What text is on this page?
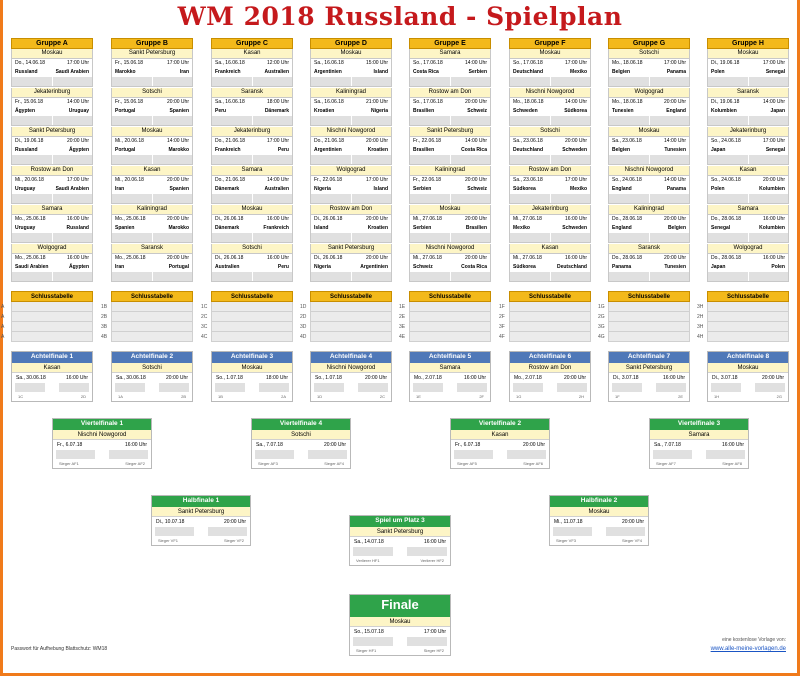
WM 2018 Russland - Spielplan
Gruppe A
Moskau
Do., 14.06.18	17:00 Uhr
Russland	Saudi Arabien
Jekaterinburg
Fr., 15.06.18	14:00 Uhr
Ägypten	Uruguay
Sankt Petersburg
Di., 19.06.18	20:00 Uhr
Russland	Ägypten
Rostow am Don
Mi., 20.06.18	17:00 Uhr
Uruguay	Saudi Arabien
Samara
Mo., 25.06.18	16:00 Uhr
Uruguay	Russland
Wolgograd
Mo., 25.06.18	16:00 Uhr
Saudi Arabien	Ägypten
Gruppe B
Sankt Petersburg
Fr., 15.06.18	17:00 Uhr
Marokko	Iran
Sotschi
Fr., 15.06.18	20:00 Uhr
Portugal	Spanien
Moskau
Mi., 20.06.18	14:00 Uhr
Portugal	Marokko
Kasan
Mi., 20.06.18	20:00 Uhr
Iran	Spanien
Kaliningrad
Mo., 25.06.18	20:00 Uhr
Spanien	Marokko
Saransk
Mo., 25.06.18	20:00 Uhr
Iran	Portugal
Gruppe C
Kasan
Sa., 16.06.18	12:00 Uhr
Frankreich	Australien
Saransk
Sa., 16.06.18	18:00 Uhr
Peru	Dänemark
Jekaterinburg
Do., 21.06.18	17:00 Uhr
Frankreich	Peru
Samara
Do., 21.06.18	14:00 Uhr
Dänemark	Australien
Moskau
Di., 26.06.18	16:00 Uhr
Dänemark	Frankreich
Sotschi
Di., 26.06.18	16:00 Uhr
Australien	Peru
Gruppe D
Moskau
Sa., 16.06.18	15:00 Uhr
Argentinien	Island
Kaliningrad
Sa., 16.06.18	21:00 Uhr
Kroatien	Nigeria
Nischni Nowgorod
Do., 21.06.18	20:00 Uhr
Argentinien	Kroatien
Wolgograd
Fr., 22.06.18	17:00 Uhr
Nigeria	Island
Rostow am Don
Di., 26.06.18	20:00 Uhr
Island	Kroatien
Sankt Petersburg
Di., 26.06.18	20:00 Uhr
Nigeria	Argentinien
Gruppe E
Samara
So., 17.06.18	14:00 Uhr
Costa Rica	Serbien
Rostow am Don
So., 17.06.18	20:00 Uhr
Brasilien	Schweiz
Sankt Petersburg
Fr., 22.06.18	14:00 Uhr
Brasilien	Costa Rica
Kaliningrad
Fr., 22.06.18	20:00 Uhr
Serbien	Schweiz
Moskau
Mi., 27.06.18	20:00 Uhr
Serbien	Brasilien
Nischni Nowgorod
Mi., 27.06.18	20:00 Uhr
Schweiz	Costa Rica
Gruppe F
Moskau
So., 17.06.18	17:00 Uhr
Deutschland	Mexiko
Nischni Nowgorod
Mo., 18.06.18	14:00 Uhr
Schweden	Südkorea
Sotschi
Sa., 23.06.18	20:00 Uhr
Deutschland	Schweden
Rostow am Don
Sa., 23.06.18	17:00 Uhr
Südkorea	Mexiko
Jekaterinburg
Mi., 27.06.18	16:00 Uhr
Mexiko	Schweden
Kasan
Mi., 27.06.18	16:00 Uhr
Südkorea	Deutschland
Gruppe G
Sotschi
Mo., 18.06.18	17:00 Uhr
Belgien	Panama
Wolgograd
Mo., 18.06.18	20:00 Uhr
Tunesien	England
Moskau
Sa., 23.06.18	14:00 Uhr
Belgien	Tunesien
Nischni Nowgorod
So., 24.06.18	14:00 Uhr
England	Panama
Kaliningrad
Do., 28.06.18	20:00 Uhr
England	Belgien
Saransk
Do., 28.06.18	20:00 Uhr
Panama	Tunesien
Gruppe H
Moskau
Di., 19.06.18	17:00 Uhr
Polen	Senegal
Saransk
Di., 19.06.18	14:00 Uhr
Kolumbien	Japan
Jekaterinburg
So., 24.06.18	17:00 Uhr
Japan	Senegal
Kasan
So., 24.06.18	20:00 Uhr
Polen	Kolumbien
Samara
Do., 28.06.18	16:00 Uhr
Senegal	Kolumbien
Wolgograd
Do., 28.06.18	16:00 Uhr
Japan	Polen
Schlusstabelle
A
A
A
A
Schlusstabelle
1B
2B
3B
4B
Schlusstabelle
1C
2C
3C
4C
Schlusstabelle
1D
2D
3D
4D
Schlusstabelle
1E
2E
3E
4E
Schlusstabelle
1F
2F
3F
4F
Schlusstabelle
1G
2G
3G
4G
Schlusstabelle
3H
2H
3H
4H
Achtelfinale 1
Kasan
Sa., 30.06.18	16:00 Uhr
1C	2D
Achtelfinale 2
Sotschi
Sa., 30.06.18	20:00 Uhr
1A	2B
Achtelfinale 3
Moskau
So., 1.07.18	18:00 Uhr
1B	2A
Achtelfinale 4
Nischni Nowgorod
So., 1.07.18	20:00 Uhr
1D	2C
Achtelfinale 5
Samara
Mo., 2.07.18	16:00 Uhr
1E	2F
Achtelfinale 6
Rostow am Don
Mo., 2.07.18	20:00 Uhr
1G	2H
Achtelfinale 7
Sankt Petersburg
Di., 3.07.18	16:00 Uhr
1F	2E
Achtelfinale 8
Moskau
Di., 3.07.18	20:00 Uhr
1H	2G
Viertelfinale 1
Nischni Nowgorod
Fr., 6.07.18	16:00 Uhr
Sieger AF1	Sieger AF2
Viertelfinale 4
Sotschi
Sa., 7.07.18	20:00 Uhr
Sieger AF3	Sieger AF4
Viertelfinale 2
Kasan
Fr., 6.07.18	20:00 Uhr
Sieger AF5	Sieger AF6
Viertelfinale 3
Samara
Sa., 7.07.18	16:00 Uhr
Sieger AF7	Sieger AF8
Halbfinale 1
Sankt Petersburg
Di., 10.07.18	20:00 Uhr
Sieger VF1	Sieger VF2
Halbfinale 2
Moskau
Mi., 11.07.18	20:00 Uhr
Sieger VF3	Sieger VF4
Spiel um Platz 3
Sankt Petersburg
Sa., 14.07.18	16:00 Uhr
Verlierer HF1	Verlierer HF2
Finale
Moskau
So., 15.07.18	17:00 Uhr
Sieger HF1	Sieger HF2
Passwort für Aufhebung Blattschutz: WM18
eine kostenlose Vorlage von:
www.alle-meine-vorlagen.de
